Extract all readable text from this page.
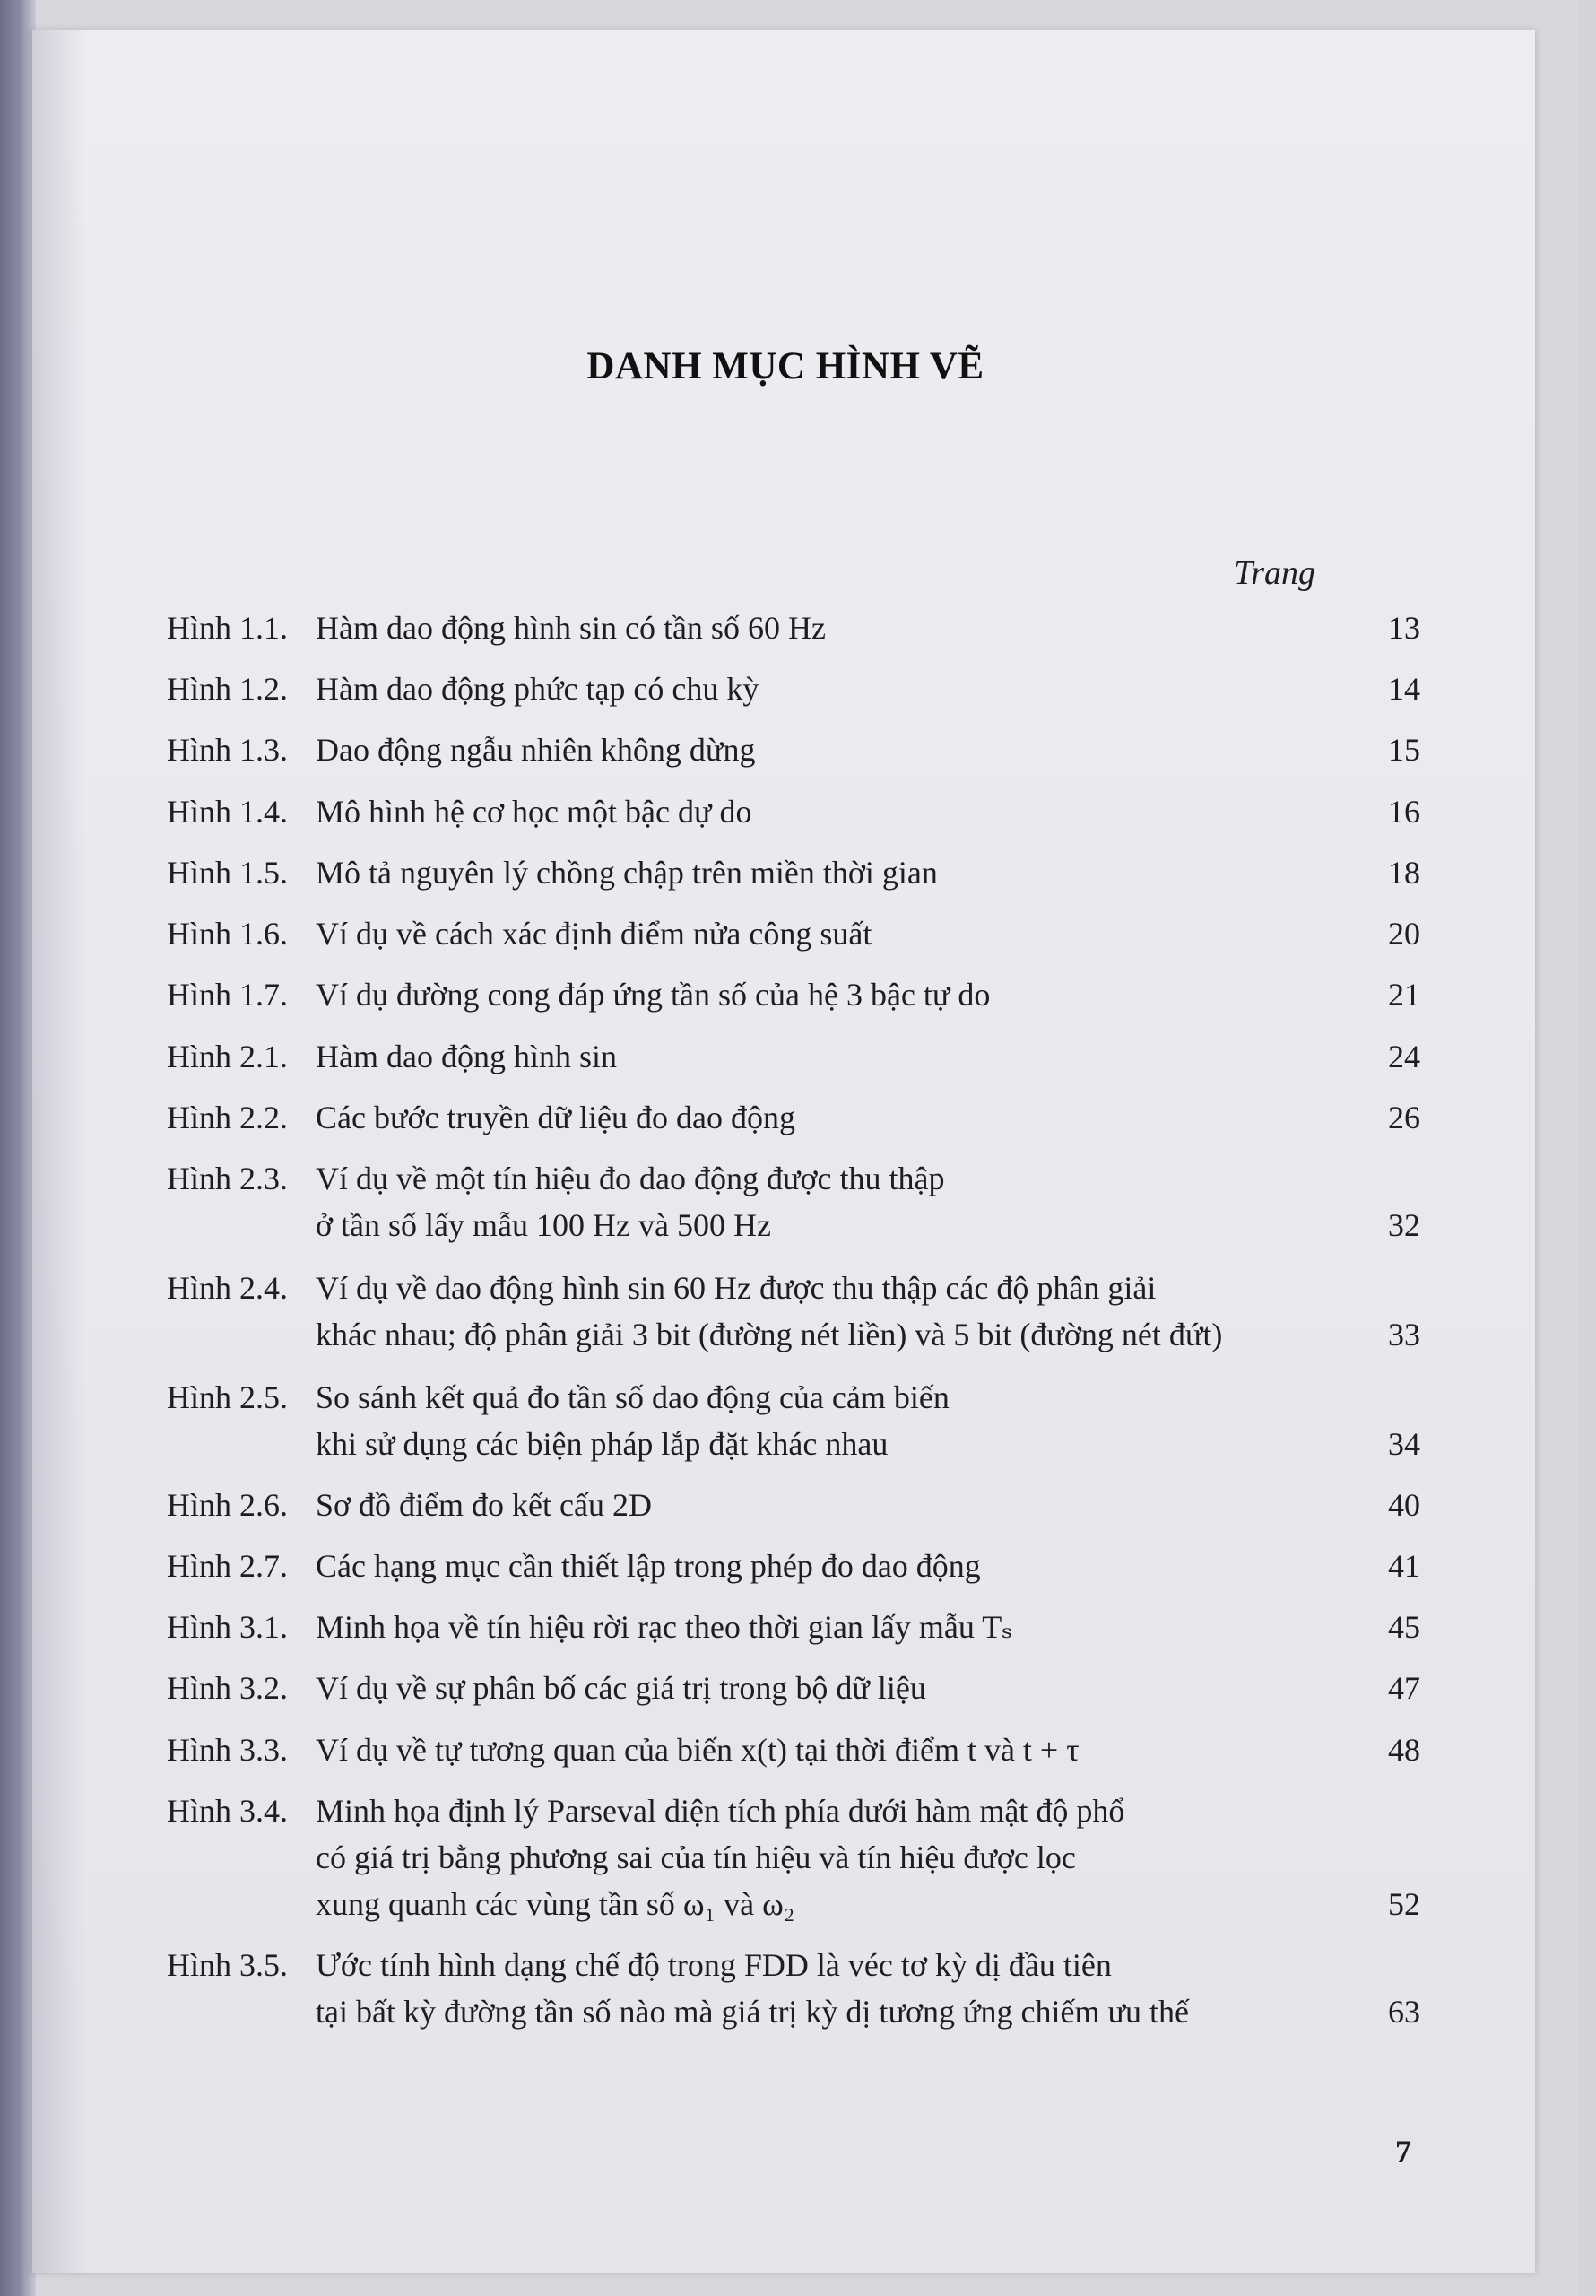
DANH MỤC HÌNH VẼ
Trang
Hình 1.1. Hàm dao động hình sin có tần số 60 Hz	13
Hình 1.2. Hàm dao động phức tạp có chu kỳ	14
Hình 1.3. Dao động ngẫu nhiên không dừng	15
Hình 1.4. Mô hình hệ cơ học một bậc dự do	16
Hình 1.5. Mô tả nguyên lý chồng chập trên miền thời gian	18
Hình 1.6. Ví dụ về cách xác định điểm nửa công suất	20
Hình 1.7. Ví dụ đường cong đáp ứng tần số của hệ 3 bậc tự do	21
Hình 2.1. Hàm dao động hình sin	24
Hình 2.2. Các bước truyền dữ liệu đo dao động	26
Hình 2.3. Ví dụ về một tín hiệu đo dao động được thu thập
ở tần số lấy mẫu 100 Hz và 500 Hz	32
Hình 2.4. Ví dụ về dao động hình sin 60 Hz được thu thập các độ phân giải
khác nhau; độ phân giải 3 bit (đường nét liền) và 5 bit (đường nét đứt)	33
Hình 2.5. So sánh kết quả đo tần số dao động của cảm biến
khi sử dụng các biện pháp lắp đặt khác nhau	34
Hình 2.6. Sơ đồ điểm đo kết cấu 2D	40
Hình 2.7. Các hạng mục cần thiết lập trong phép đo dao động	41
Hình 3.1. Minh họa về tín hiệu rời rạc theo thời gian lấy mẫu Tₛ	45
Hình 3.2. Ví dụ về sự phân bố các giá trị trong bộ dữ liệu	47
Hình 3.3. Ví dụ về tự tương quan của biến x(t) tại thời điểm t và t + τ	48
Hình 3.4. Minh họa định lý Parseval diện tích phía dưới hàm mật độ phổ
có giá trị bằng phương sai của tín hiệu và tín hiệu được lọc
xung quanh các vùng tần số ω₁ và ω₂	52
Hình 3.5. Ước tính hình dạng chế độ trong FDD là véc tơ kỳ dị đầu tiên
tại bất kỳ đường tần số nào mà giá trị kỳ dị tương ứng chiếm ưu thế	63
7
